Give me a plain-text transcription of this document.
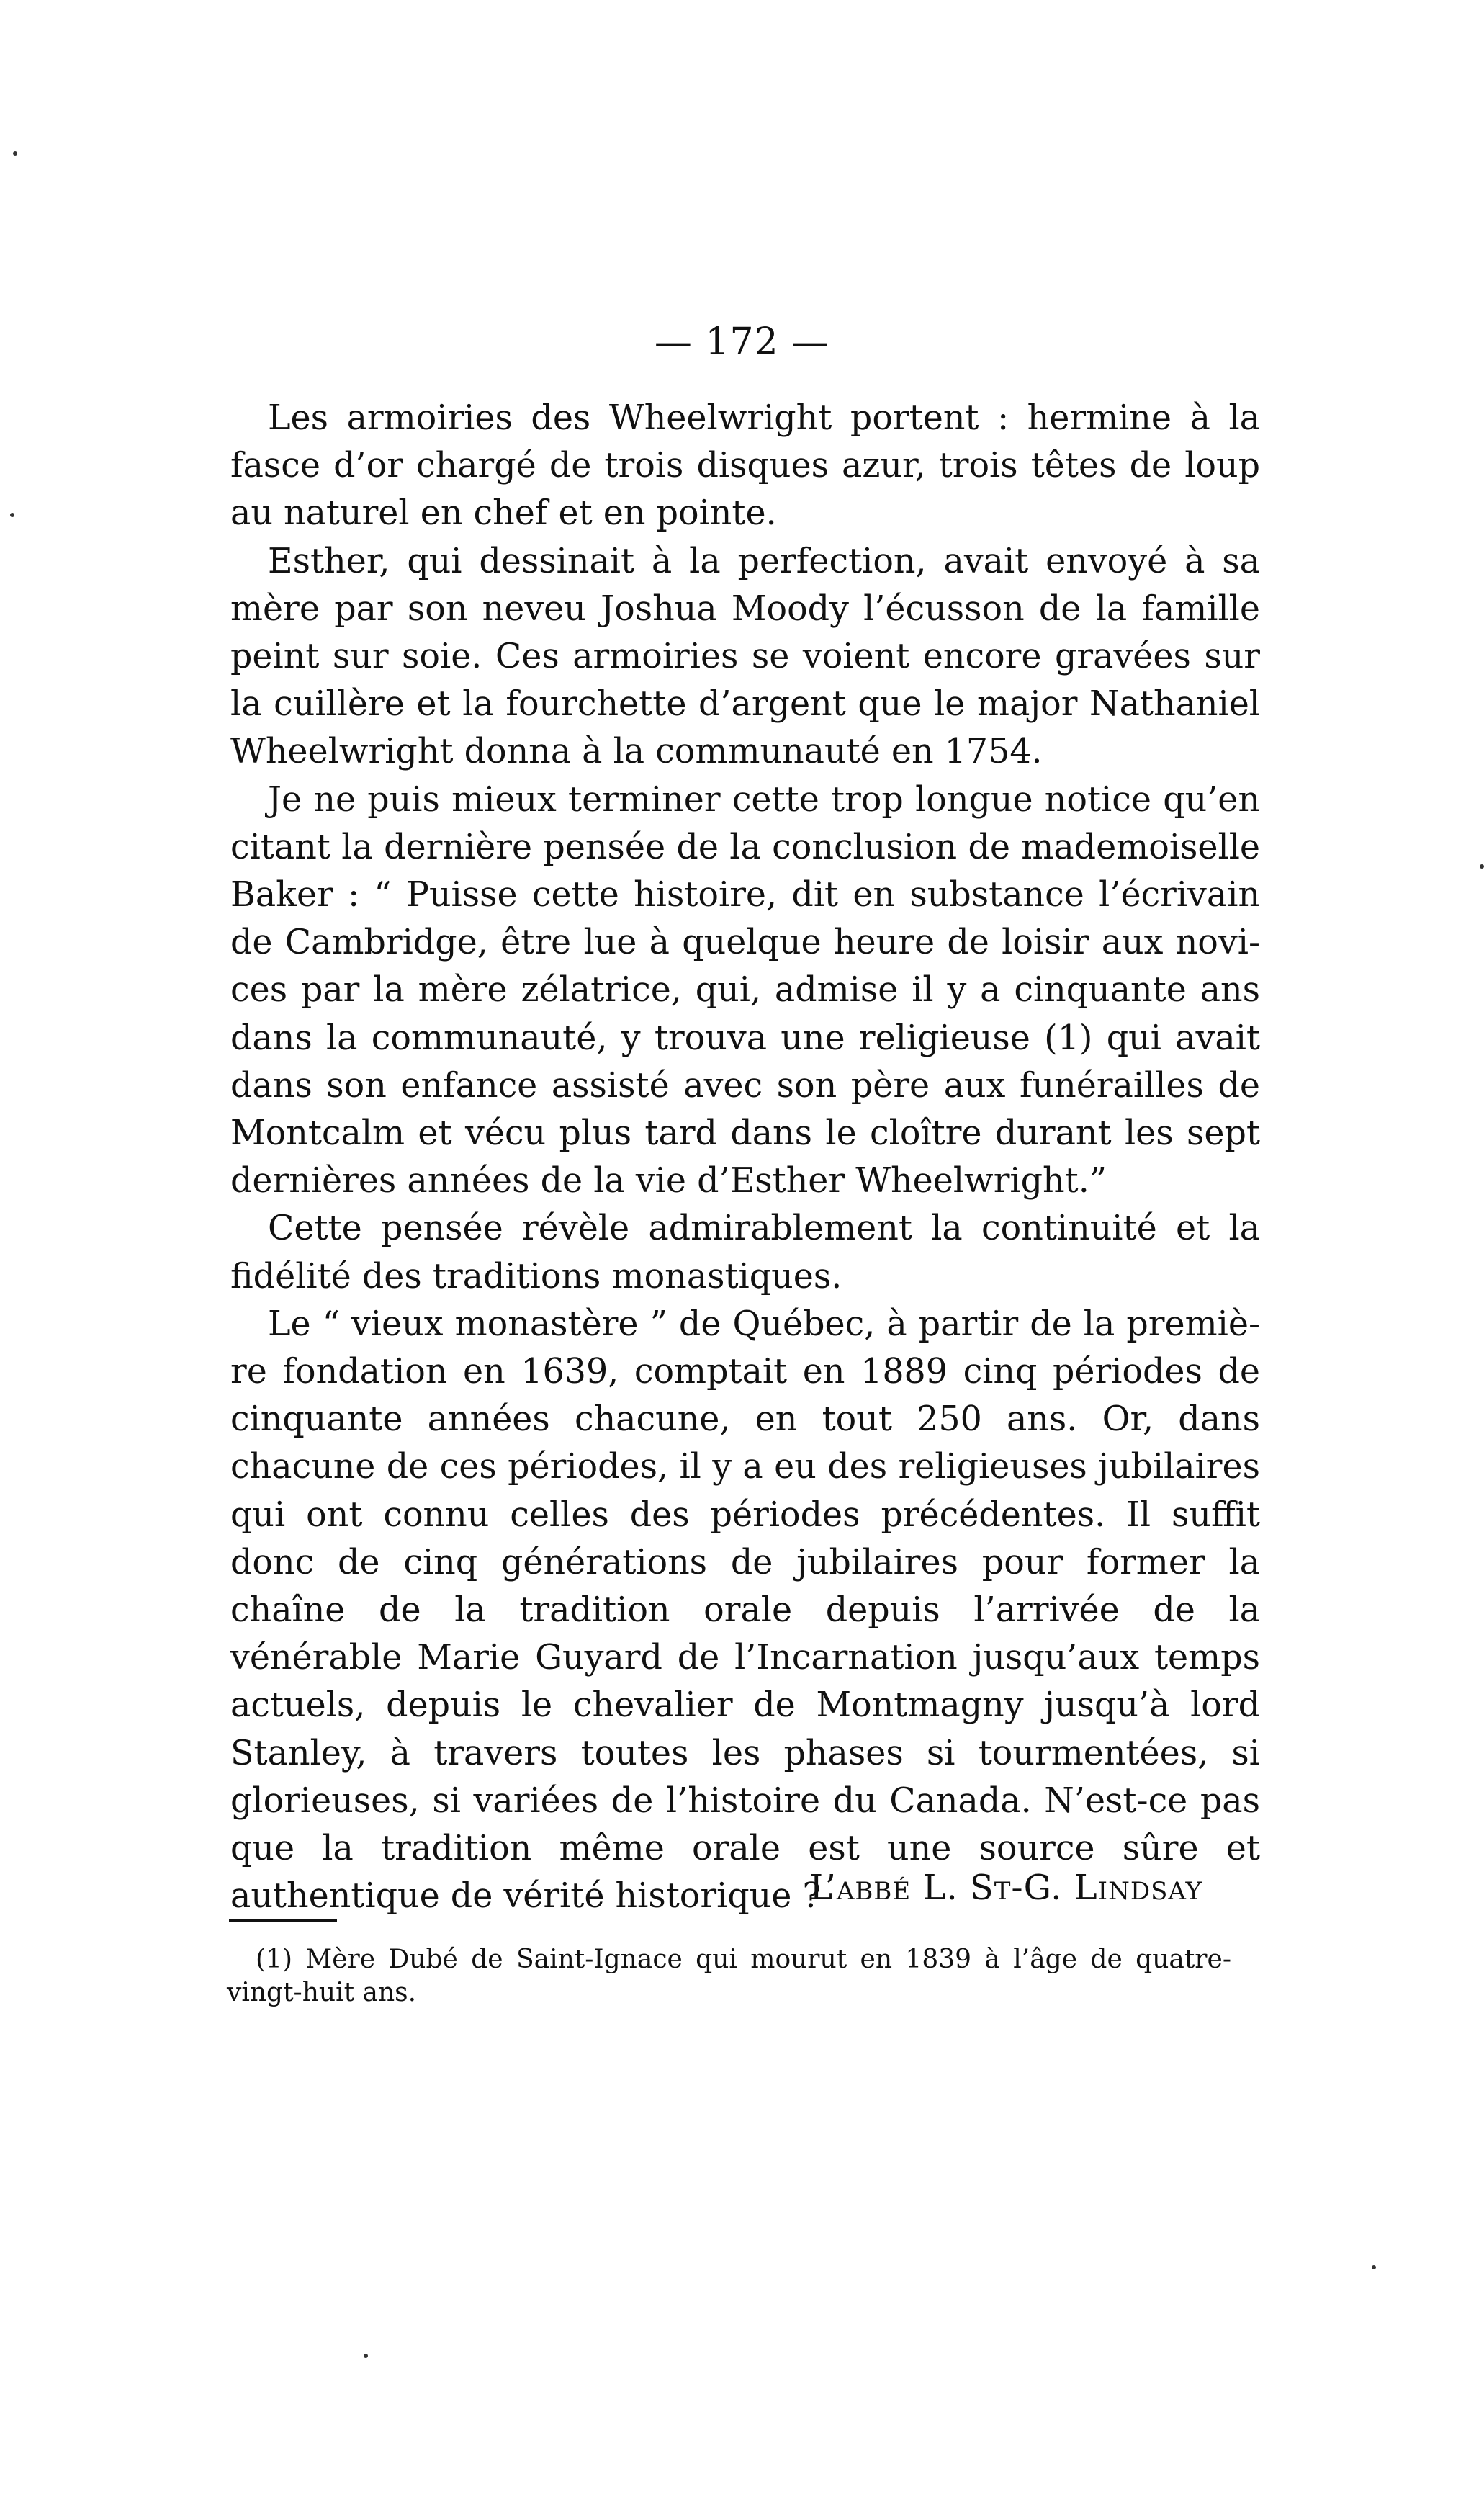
— 172 —

Les armoiries des Wheelwright portent : hermine à la fasce d’or chargé de trois disques azur, trois têtes de loup au naturel en chef et en pointe.

Esther, qui dessinait à la perfection, avait envoyé à sa mère par son neveu Joshua Moody l’écusson de la famille peint sur soie. Ces armoiries se voient encore gravées sur la cuillère et la fourchette d’argent que le major Nathaniel Wheelwright donna à la communauté en 1754.

Je ne puis mieux terminer cette trop longue notice qu’en citant la dernière pensée de la conclusion de mademoiselle Baker : “ Puisse cette histoire, dit en substance l’écrivain de Cambridge, être lue à quelque heure de loisir aux novices par la mère zélatrice, qui, admise il y a cinquante ans dans la communauté, y trouva une religieuse (1) qui avait dans son enfance assisté avec son père aux funérailles de Montcalm et vécu plus tard dans le cloître durant les sept dernières années de la vie d’Esther Wheelwright.”

Cette pensée révèle admirablement la continuité et la fidélité des traditions monastiques.

Le “ vieux monastère ” de Québec, à partir de la première fondation en 1639, comptait en 1889 cinq périodes de cinquante années chacune, en tout 250 ans. Or, dans chacune de ces périodes, il y a eu des religieuses jubilaires qui ont connu celles des périodes précédentes. Il suffit donc de cinq générations de jubilaires pour former la chaîne de la tradition orale depuis l’arrivée de la vénérable Marie Guyard de l’Incarnation jusqu’aux temps actuels, depuis le chevalier de Montmagny jusqu’à lord Stanley, à travers toutes les phases si tourmentées, si glorieuses, si variées de l’histoire du Canada. N’est-ce pas que la tradition même orale est une source sûre et authentique de vérité historique ?

L’abbé L. St-G. Lindsay

(1) Mère Dubé de Saint-Ignace qui mourut en 1839 à l’âge de quatre-vingt-huit ans.
